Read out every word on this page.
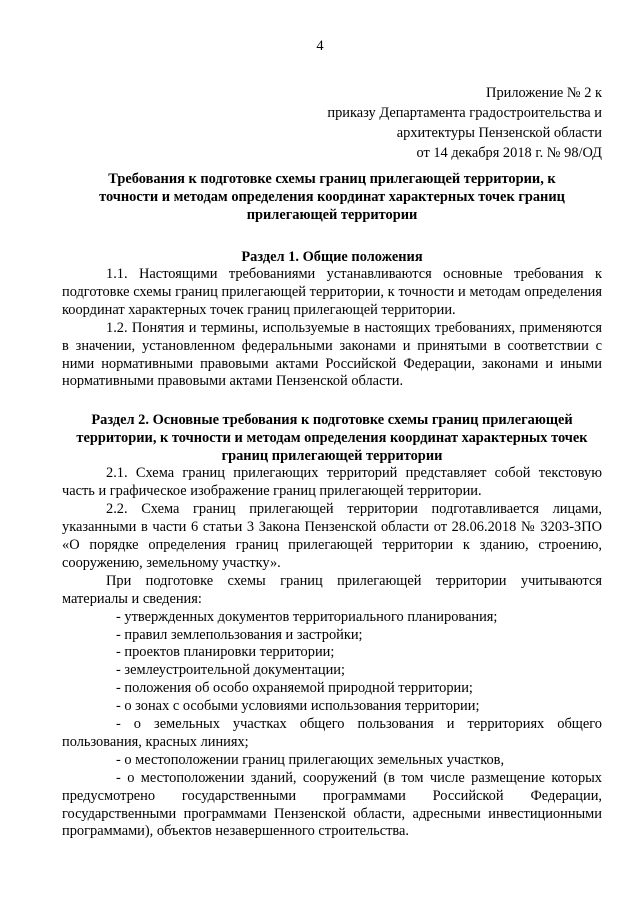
4
Приложение № 2 к
приказу Департамента градостроительства и
архитектуры Пензенской области
от 14 декабря 2018 г. № 98/ОД

Требования к подготовке схемы границ прилегающей территории, к точности и методам определения координат характерных точек границ прилегающей территории

Раздел 1. Общие положения

1.1. Настоящими требованиями устанавливаются основные требования к подготовке схемы границ прилегающей территории, к точности и методам определения координат характерных точек границ прилегающей территории.

1.2. Понятия и термины, используемые в настоящих требованиях, применяются в значении, установленном федеральными законами и принятыми в соответствии с ними нормативными правовыми актами Российской Федерации, законами и иными нормативными правовыми актами Пензенской области.

Раздел 2. Основные требования к подготовке схемы границ прилегающей территории, к точности и методам определения координат характерных точек границ прилегающей территории

2.1. Схема границ прилегающих территорий представляет собой текстовую часть и графическое изображение границ прилегающей территории.

2.2. Схема границ прилегающей территории подготавливается лицами, указанными в части 6 статьи 3 Закона Пензенской области от 28.06.2018 № 3203-ЗПО «О порядке определения границ прилегающей территории к зданию, строению, сооружению, земельному участку».

При подготовке схемы границ прилегающей территории учитываются материалы и сведения:

- утвержденных документов территориального планирования;
- правил землепользования и застройки;
- проектов планировки территории;
- землеустроительной документации;
- положения об особо охраняемой природной территории;
- о зонах с особыми условиями использования территории;
- о земельных участках общего пользования и территориях общего пользования, красных линиях;
- о местоположении границ прилегающих земельных участков,
- о местоположении зданий, сооружений (в том числе размещение которых предусмотрено государственными программами Российской Федерации, государственными программами Пензенской области, адресными инвестиционными программами), объектов незавершенного строительства.
